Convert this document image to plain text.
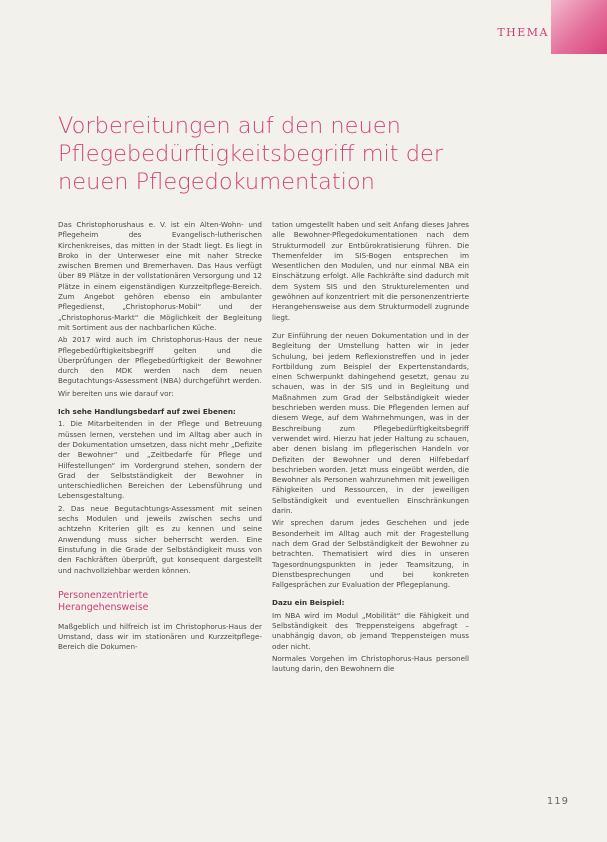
THEMA
Vorbereitungen auf den neuen Pflegebedürftigkeitsbegriff mit der neuen Pflegedokumentation

Das Christophorushaus e. V. ist ein Alten-Wohn- und Pflegeheim des Evangelisch-lutherischen Kirchenkreises, das mitten in der Stadt liegt. Es liegt in Broko in der Unterweser eine mit naher Strecke zwischen Bremen und Bremerhaven. Das Haus verfügt über 89 Plätze in der vollstationären Versorgung und 12 Plätze in einem eigenständigen Kurzzeitpflege-Bereich. Zum Angebot gehören ebenso ein ambulanter Pflegedienst, „Christophorus-Mobil“ und der „Christophorus-Markt“ die Möglichkeit der Begleitung mit Sortiment aus der nachbarlichen Küche.

Ab 2017 wird auch im Christophorus-Haus der neue Pflegebedürftigkeitsbegriff gelten und die Überprüfungen der Pflegebedürftigkeit der Bewohner durch den MDK werden nach dem neuen Begutachtungs-Assessment (NBA) durchgeführt werden.

Wir bereiten uns wie darauf vor:

Ich sehe Handlungsbedarf auf zwei Ebenen:

1. Die Mitarbeitenden in der Pflege und Betreuung müssen lernen, verstehen und im Alltag aber auch in der Dokumentation umsetzen, dass nicht mehr „Defizite der Bewohner“ und „Zeitbedarfe für Pflege und Hilfestellungen“ im Vordergrund stehen, sondern der Grad der Selbstständigkeit der Bewohner in unterschiedlichen Bereichen der Lebensführung und Lebensgestaltung.

2. Das neue Begutachtungs-Assessment mit seinen sechs Modulen und jeweils zwischen sechs und achtzehn Kriterien gilt es zu kennen und seine Anwendung muss sicher beherrscht werden. Eine Einstufung in die Grade der Selbständigkeit muss von den Fachkräften überprüft, gut konsequent dargestellt und nachvollziehbar werden können.

Personenzentrierte Herangehensweise

Maßgeblich und hilfreich ist im Christophorus-Haus der Umstand, dass wir im stationären und Kurzzeitpflege-Bereich die Dokumen-

tation umgestellt haben und seit Anfang dieses Jahres alle Bewohner-Pflegedokumentationen nach dem Strukturmodell zur Entbürokratisierung führen. Die Themenfelder im SIS-Bogen entsprechen im Wesentlichen den Modulen, und nur einmal NBA ein Einschätzung erfolgt. Alle Fachkräfte sind dadurch mit dem System SIS und den Strukturelementen und gewöhnen auf konzentriert mit die personenzentrierte Herangehensweise aus dem Strukturmodell zugrunde liegt.

Zur Einführung der neuen Dokumentation und in der Begleitung der Umstellung hatten wir in jeder Schulung, bei jedem Reflexionstreffen und in jeder Fortbildung zum Beispiel der Expertenstandards, einen Schwerpunkt dahingehend gesetzt, genau zu schauen, was in der SIS und in Begleitung und Maßnahmen zum Grad der Selbständigkeit wieder beschrieben werden muss. Die Pflegenden lernen auf diesem Wege, auf dem Wahrnehmungen, was in der Beschreibung zum Pflegebedürftigkeitsbegriff verwendet wird. Hierzu hat jeder Haltung zu schauen, aber denen bislang im pflegerischen Handeln vor Defiziten der Bewohner und deren Hilfebedarf beschrieben worden. Jetzt muss eingeübt werden, die Bewohner als Personen wahrzunehmen mit jeweiligen Fähigkeiten und Ressourcen, in der jeweiligen Selbständigkeit und eventuellen Einschränkungen darin.

Wir sprechen darum jedes Geschehen und jede Besonderheit im Alltag auch mit der Fragestellung nach dem Grad der Selbständigkeit der Bewohner zu betrachten. Thematisiert wird dies in unseren Tagesordnungspunkten in jeder Teamsitzung, in Dienstbesprechungen und bei konkreten Fallgesprächen zur Evaluation der Pflegeplanung.

Dazu ein Beispiel:

Im NBA wird im Modul „Mobilität“ die Fähigkeit und Selbständigkeit des Treppensteigens abgefragt – unabhängig davon, ob jemand Treppensteigen muss oder nicht.

Normales Vorgehen im Christophorus-Haus personell lautung darin, den Bewohnern die

119
